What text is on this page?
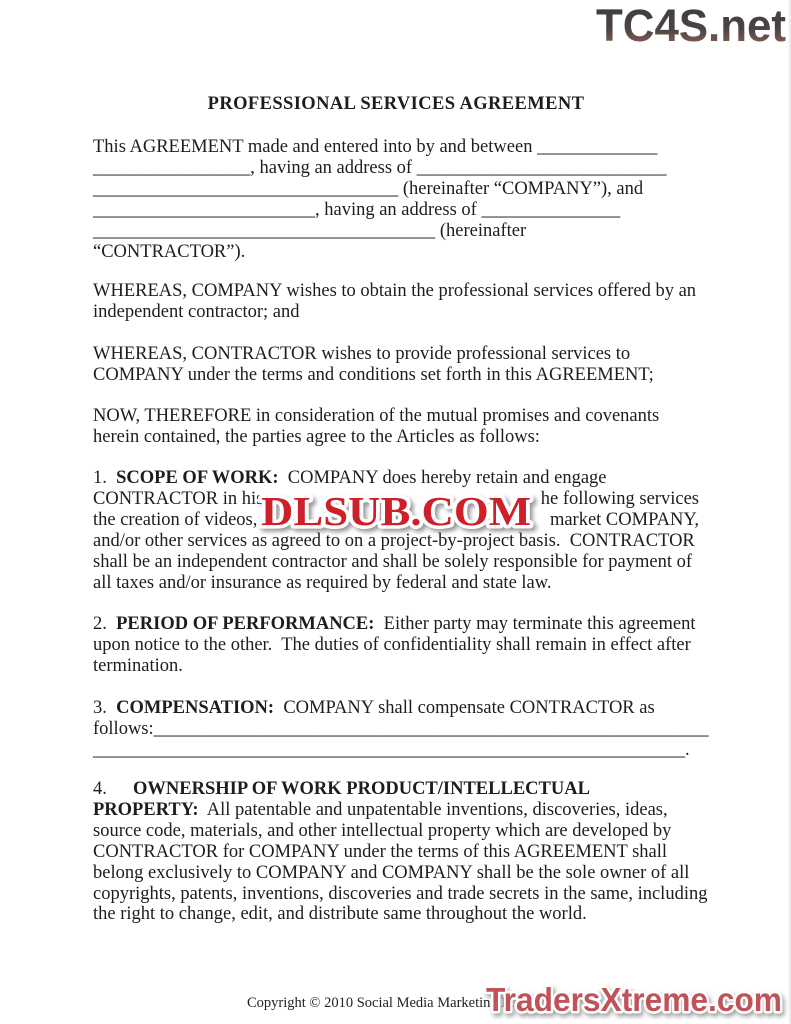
TC4S.net
PROFESSIONAL SERVICES AGREEMENT
This AGREEMENT made and entered into by and between _____________
_________________, having an address of ___________________________
_________________________________ (hereinafter “COMPANY”), and
________________________, having an address of _______________
_____________________________________ (hereinafter
“CONTRACTOR”).
WHEREAS, COMPANY wishes to obtain the professional services offered by an
independent contractor; and
WHEREAS, CONTRACTOR wishes to provide professional services to
COMPANY under the terms and conditions set forth in this AGREEMENT;
NOW, THEREFORE in consideration of the mutual promises and covenants
herein contained, the parties agree to the Articles as follows:
1.  SCOPE OF WORK:  COMPANY does hereby retain and engage
CONTRACTOR in his	he following services
the creation of videos,	market COMPANY,
and/or other services as agreed to on a project-by-project basis.  CONTRACTOR
shall be an independent contractor and shall be solely responsible for payment of
all taxes and/or insurance as required by federal and state law.
DLSUB.COM
2.  PERIOD OF PERFORMANCE:  Either party may terminate this agreement
upon notice to the other.  The duties of confidentiality shall remain in effect after
termination.
3.  COMPENSATION:  COMPANY shall compensate CONTRACTOR as
follows:____________________________________________________________
________________________________________________________________.
4. OWNERSHIP OF WORK PRODUCT/INTELLECTUAL
PROPERTY:  All patentable and unpatentable inventions, discoveries, ideas,
source code, materials, and other intellectual property which are developed by
CONTRACTOR for COMPANY under the terms of this AGREEMENT shall
belong exclusively to COMPANY and COMPANY shall be the sole owner of all
copyrights, patents, inventions, discoveries and trade secrets in the same, including
the right to change, edit, and distribute same throughout the world.
Copyright © 2010 Social Media Marketing M
TradersXtreme.com
